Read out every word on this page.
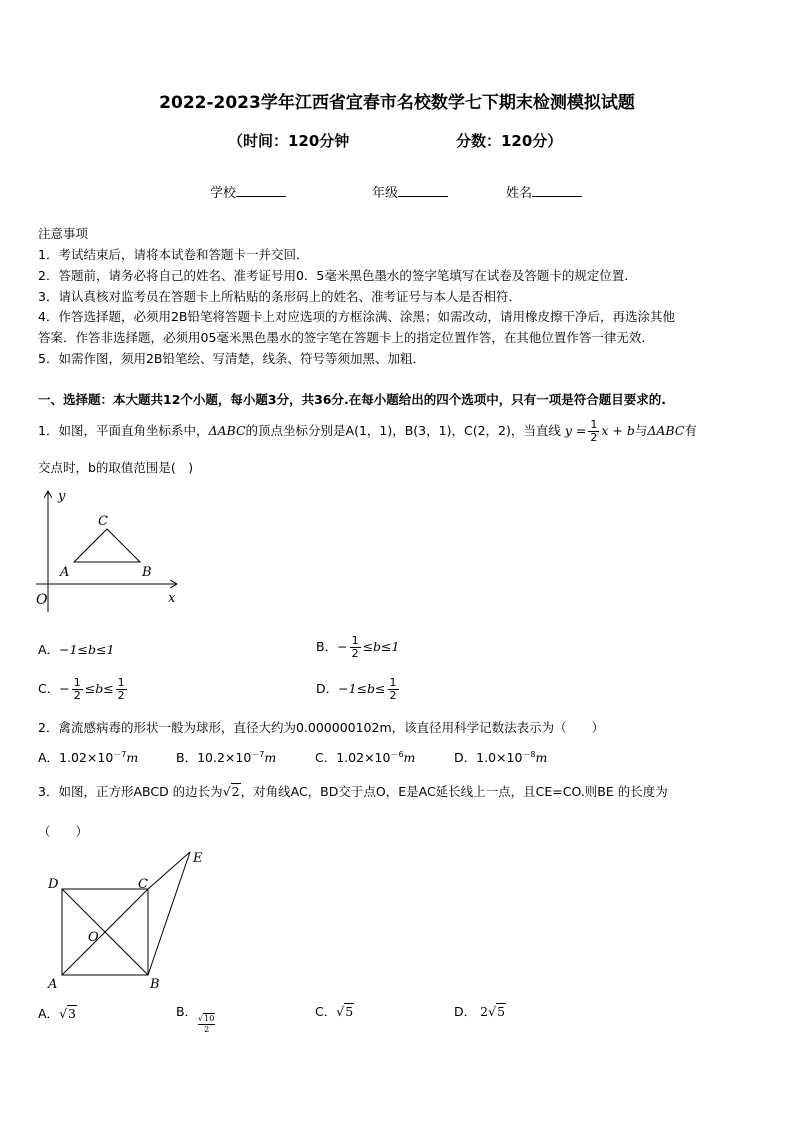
2022-2023学年江西省宜春市名校数学七下期末检测模拟试题
（时间：120分钟	分数：120分）
学校	年级	姓名
注意事项
1．考试结束后，请将本试卷和答题卡一并交回．
2．答题前，请务必将自己的姓名、准考证号用0．5毫米黑色墨水的签字笔填写在试卷及答题卡的规定位置．
3．请认真核对监考员在答题卡上所粘贴的条形码上的姓名、准考证号与本人是否相符．
4．作答选择题，必须用2B铅笔将答题卡上对应选项的方框涂满、涂黑；如需改动，请用橡皮擦干净后，再选涂其他
答案．作答非选择题，必须用05毫米黑色墨水的签字笔在答题卡上的指定位置作答，在其他位置作答一律无效．
5．如需作图，须用2B铅笔绘、写清楚，线条、符号等须加黑、加粗．
一、选择题：本大题共12个小题，每小题3分，共36分.在每小题给出的四个选项中，只有一项是符合题目要求的.
1．如图，平面直角坐标系中，ΔABC的顶点坐标分别是A(1，1)，B(3，1)，C(2，2)，当直线 $y = \frac{1}{2}$ x + b与ΔABC有
交点时，b的取值范围是(　)
y
x
O
A	B
C
A．−1≤b≤1	B．− $\frac{1}{2} \le b\le 1$
C．− $\frac{1}{2} \le b\le \frac{1}{2}$	D．$-1\le b\le \frac{1}{2}$
2．禽流感病毒的形状一般为球形，直径大约为0.000000102m，该直径用科学记数法表示为（　　）
A．$1.02\times 10^{-7}m$	B．$10.2\times 10^{-7}m$	C．$1.02\times 10^{-6}m$	D．$1.0\times 10^{-8}m$
3．如图，正方形ABCD 的边长为√2，对角线AC，BD交于点O，E是AC延长线上一点，且CE=CO.则BE 的长度为
（　　）
D	C
E
O
A	B
A．√3	B． √10
2
C．√5	D． 2√5
